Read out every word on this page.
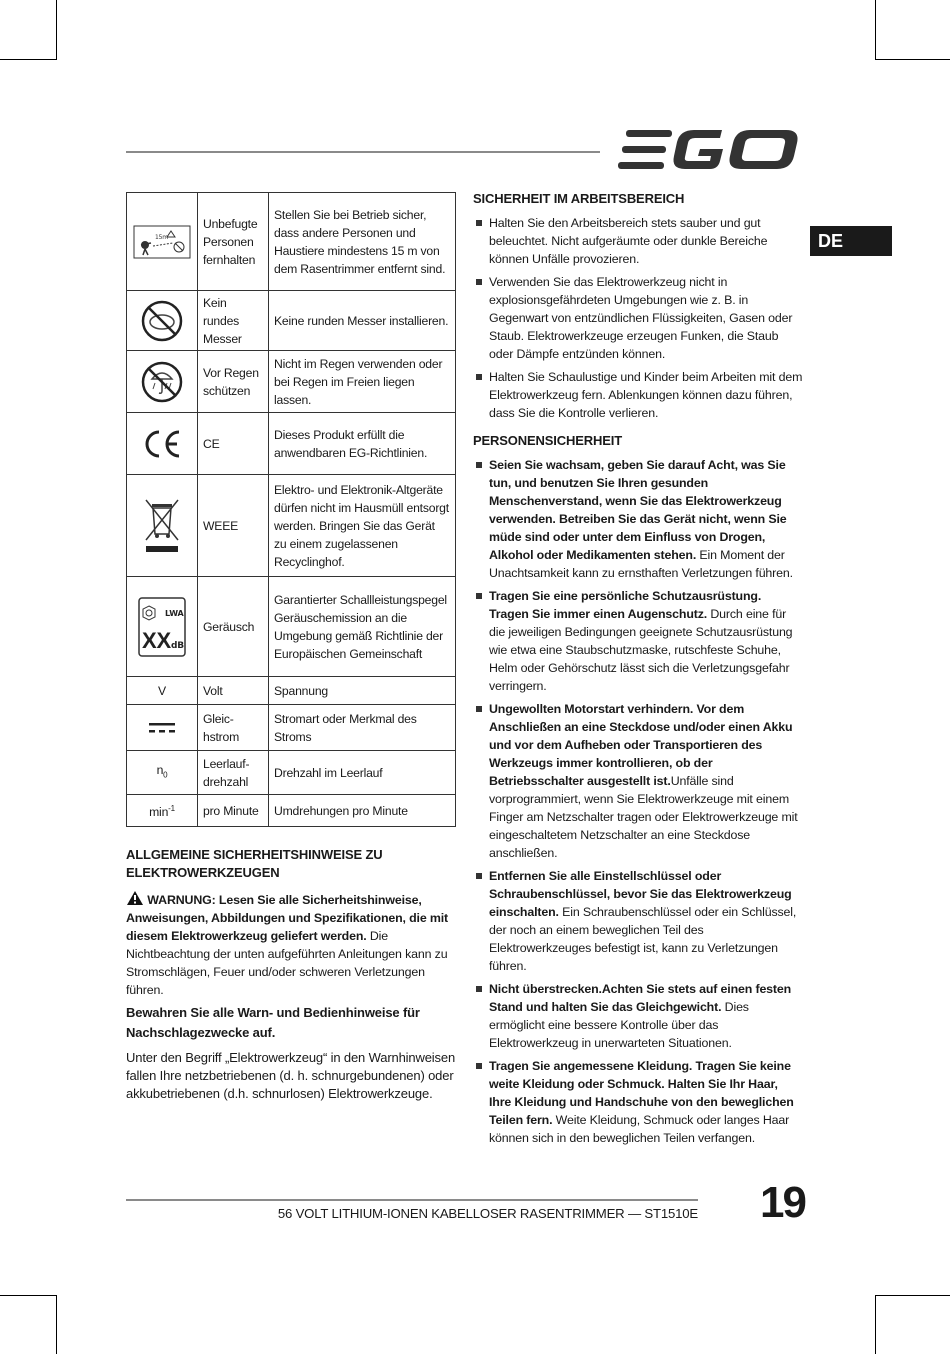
DE
15m	Unbefugte Personen fernhalten	Stellen Sie bei Betrieb sicher, dass andere Personen und Haustiere mindestens 15 m von dem Rasentrimmer entfernt sind.
	Kein rundes Messer	Keine runden Messer installieren.
	Vor Regen schützen	Nicht im Regen verwenden oder bei Regen im Freien liegen lassen.
	CE	Dieses Produkt erfüllt die anwendbaren EG-Richtlinien.
	WEEE	Elektro- und Elektronik-Altgeräte dürfen nicht im Hausmüll entsorgt werden. Bringen Sie das Gerät zu einem zugelassenen Recyclinghof.

LWA
XX dB	Geräusch	Garantierter Schallleistungspegel Geräuschemission an die Umgebung gemäß Richtlinie der Europäischen Gemeinschaft
V	Volt	Spannung
	Gleic- hstrom	Stromart oder Merkmal des Stroms
$n_0$	Leerlauf- drehzahl	Drehzahl im Leerlauf
$\min^{-1}$	pro Minute	Umdrehungen pro Minute
ALLGEMEINE SICHERHEITSHINWEISE ZU ELEKTROWERKZEUGEN

WARNUNG: Lesen Sie alle Sicherheitshinweise, Anweisungen, Abbildungen und Spezifikationen, die mit diesem Elektrowerkzeug geliefert werden. Die Nichtbeachtung der unten aufgeführten Anleitungen kann zu Stromschlägen, Feuer und/oder schweren Verletzungen führen.

Bewahren Sie alle Warn- und Bedienhinweise für Nachschlagezwecke auf.

Unter den Begriff „Elektrowerkzeug“ in den Warnhinweisen fallen Ihre netzbetriebenen (d. h. schnurgebundenen) oder akkubetriebenen (d.h. schnurlosen) Elektrowerkzeuge.

SICHERHEIT IM ARBEITSBEREICH
Halten Sie den Arbeitsbereich stets sauber und gut beleuchtet. Nicht aufgeräumte oder dunkle Bereiche können Unfälle provozieren.
Verwenden Sie das Elektrowerkzeug nicht in explosionsgefährdeten Umgebungen wie z. B. in Gegenwart von entzündlichen Flüssigkeiten, Gasen oder Staub. Elektrowerkzeuge erzeugen Funken, die Staub oder Dämpfe entzünden können.
Halten Sie Schaulustige und Kinder beim Arbeiten mit dem Elektrowerkzeug fern. Ablenkungen können dazu führen, dass Sie die Kontrolle verlieren.
PERSONENSICHERHEIT
Seien Sie wachsam, geben Sie darauf Acht, was Sie tun, und benutzen Sie Ihren gesunden Menschenverstand, wenn Sie das Elektrowerkzeug verwenden. Betreiben Sie das Gerät nicht, wenn Sie müde sind oder unter dem Einfluss von Drogen, Alkohol oder Medikamenten stehen. Ein Moment der Unachtsamkeit kann zu ernsthaften Verletzungen führen.
Tragen Sie eine persönliche Schutzausrüstung. Tragen Sie immer einen Augenschutz. Durch eine für die jeweiligen Bedingungen geeignete Schutzausrüstung wie etwa eine Staubschutzmaske, rutschfeste Schuhe, Helm oder Gehörschutz lässt sich die Verletzungsgefahr verringern.
Ungewollten Motorstart verhindern. Vor dem Anschließen an eine Steckdose und/oder einen Akku und vor dem Aufheben oder Transportieren des Werkzeugs immer kontrollieren, ob der Betriebsschalter ausgestellt ist.Unfälle sind vorprogrammiert, wenn Sie Elektrowerkzeuge mit einem Finger am Netzschalter tragen oder Elektrowerkzeuge mit eingeschaltetem Netzschalter an eine Steckdose anschließen.
Entfernen Sie alle Einstellschlüssel oder Schraubenschlüssel, bevor Sie das Elektrowerkzeug einschalten. Ein Schraubenschlüssel oder ein Schlüssel, der noch an einem beweglichen Teil des Elektrowerkzeuges befestigt ist, kann zu Verletzungen führen.
Nicht überstrecken.Achten Sie stets auf einen festen Stand und halten Sie das Gleichgewicht. Dies ermöglicht eine bessere Kontrolle über das Elektrowerkzeug in unerwarteten Situationen.
Tragen Sie angemessene Kleidung. Tragen Sie keine weite Kleidung oder Schmuck. Halten Sie Ihr Haar, Ihre Kleidung und Handschuhe von den beweglichen Teilen fern. Weite Kleidung, Schmuck oder langes Haar können sich in den beweglichen Teilen verfangen.
56 VOLT LITHIUM-IONEN KABELLOSER RASENTRIMMER — ST1510E 19
